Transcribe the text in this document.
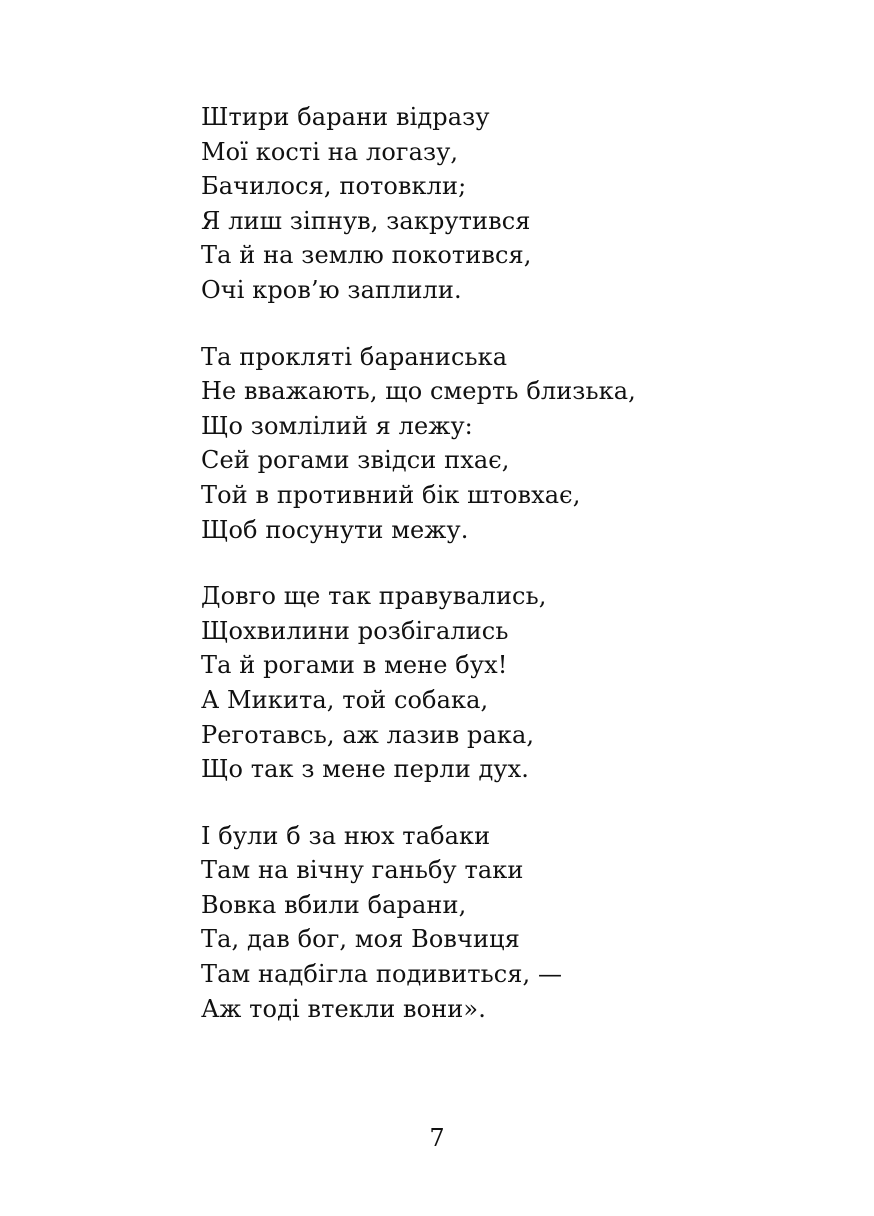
Штири барани відразу
Мої кості на логазу,
Бачилося, потовкли;
Я лиш зіпнув, закрутився
Та й на землю покотився,
Очі кров’ю заплили.
Та прокляті бараниська
Не вважають, що смерть близька,
Що зомлілий я лежу:
Сей рогами звідси пхає,
Той в противний бік штовхає,
Щоб посунути межу.
Довго ще так правувались,
Щохвилини розбігались
Та й рогами в мене бух!
А Микита, той собака,
Реготавсь, аж лазив рака,
Що так з мене перли дух.
І були б за нюх табаки
Там на вічну ганьбу таки
Вовка вбили барани,
Та, дав бог, моя Вовчиця
Там надбігла подивиться, —
Аж тоді втекли вони».
7
